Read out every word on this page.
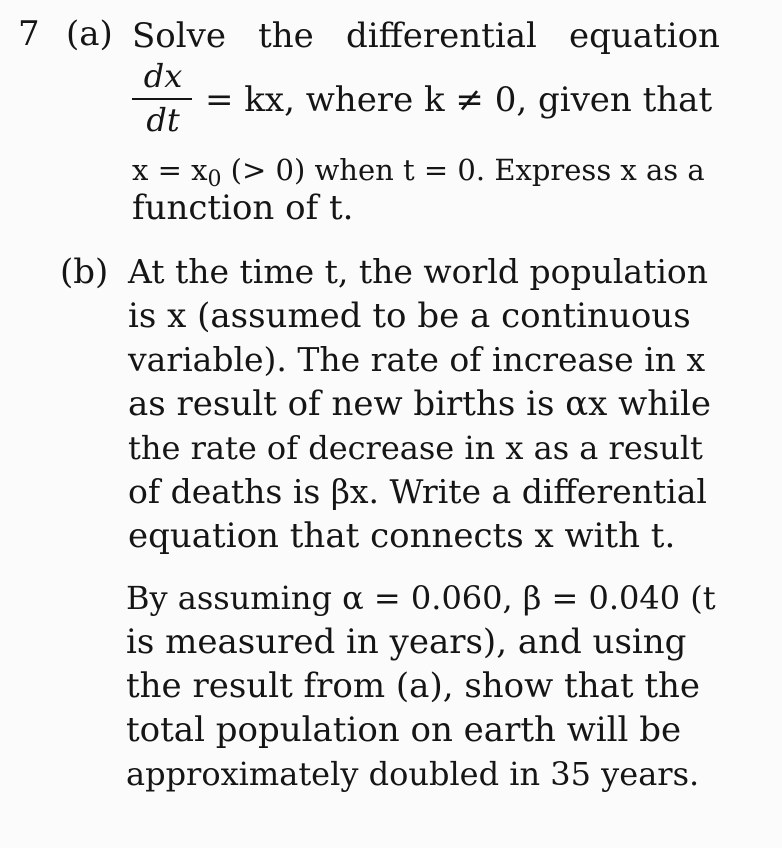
7 (a) Solve the differential equation
dx
dt = kx, where k ≠ 0, given that
$x = x_0$ (> 0) when t = 0. Express x as a
function of t.
(b) At the time t, the world population
is x (assumed to be a continuous
variable). The rate of increase in x
as result of new births is αx while
the rate of decrease in x as a result
of deaths is βx. Write a differential
equation that connects x with t.
By assuming α = 0.060, β = 0.040 (t
is measured in years), and using
the result from (a), show that the
total population on earth will be
approximately doubled in 35 years.
